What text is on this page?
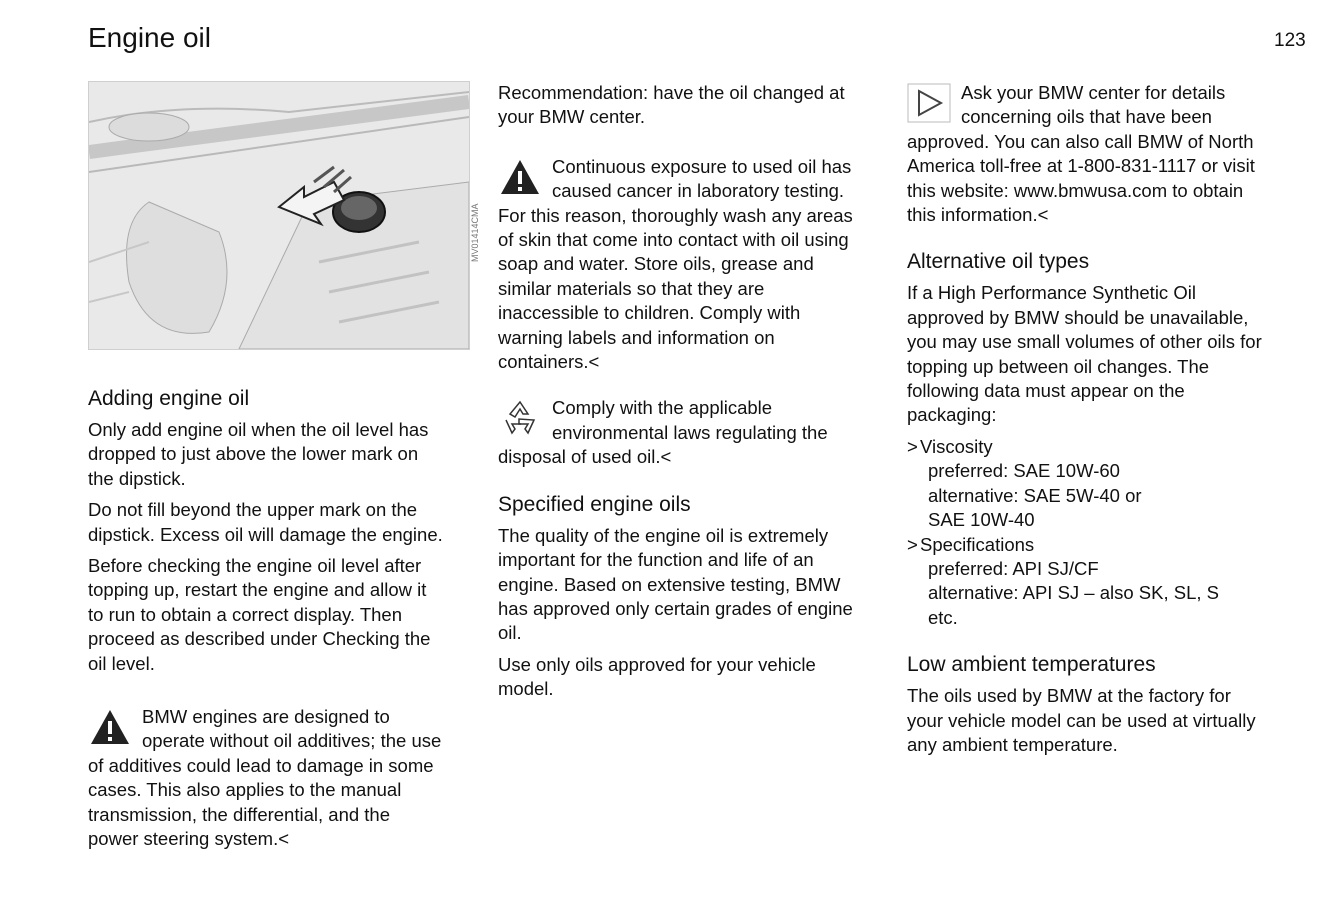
Engine oil	123
Adding engine oil

Only add engine oil when the oil level has dropped to just above the lower mark on the dipstick.

Do not fill beyond the upper mark on the dipstick. Excess oil will damage the engine.

Before checking the engine oil level after topping up, restart the engine and allow it to run to obtain a correct display. Then proceed as described under Checking the oil level.

BMW engines are designed to operate without oil additives; the use of additives could lead to damage in some cases. This also applies to the manual transmission, the differential, and the power steering system.<

Recommendation: have the oil changed at your BMW center.

Continuous exposure to used oil has caused cancer in laboratory testing. For this reason, thoroughly wash any areas of skin that come into contact with oil using soap and water. Store oils, grease and similar materials so that they are inaccessible to children. Comply with warning labels and information on containers.<
Comply with the applicable environmental laws regulating the disposal of used oil.<
Specified engine oils

The quality of the engine oil is extremely important for the function and life of an engine. Based on extensive testing, BMW has approved only certain grades of engine oil.

Use only oils approved for your vehicle model.

Ask your BMW center for details concerning oils that have been approved. You can also call BMW of North America toll-free at 1-800-831-1117 or visit this website: www.bmwusa.com to obtain this information.<
Alternative oil types

If a High Performance Synthetic Oil approved by BMW should be unavailable, you may use small volumes of other oils for topping up between oil changes. The following data must appear on the packaging:

> Viscosity
preferred: SAE 10W-60
alternative: SAE 5W-40 or
SAE 10W-40
> Specifications
preferred: API SJ/CF
alternative: API SJ – also SK, SL, S
etc.
Low ambient temperatures

The oils used by BMW at the factory for your vehicle model can be used at virtually any ambient temperature.

MV01414CMA
